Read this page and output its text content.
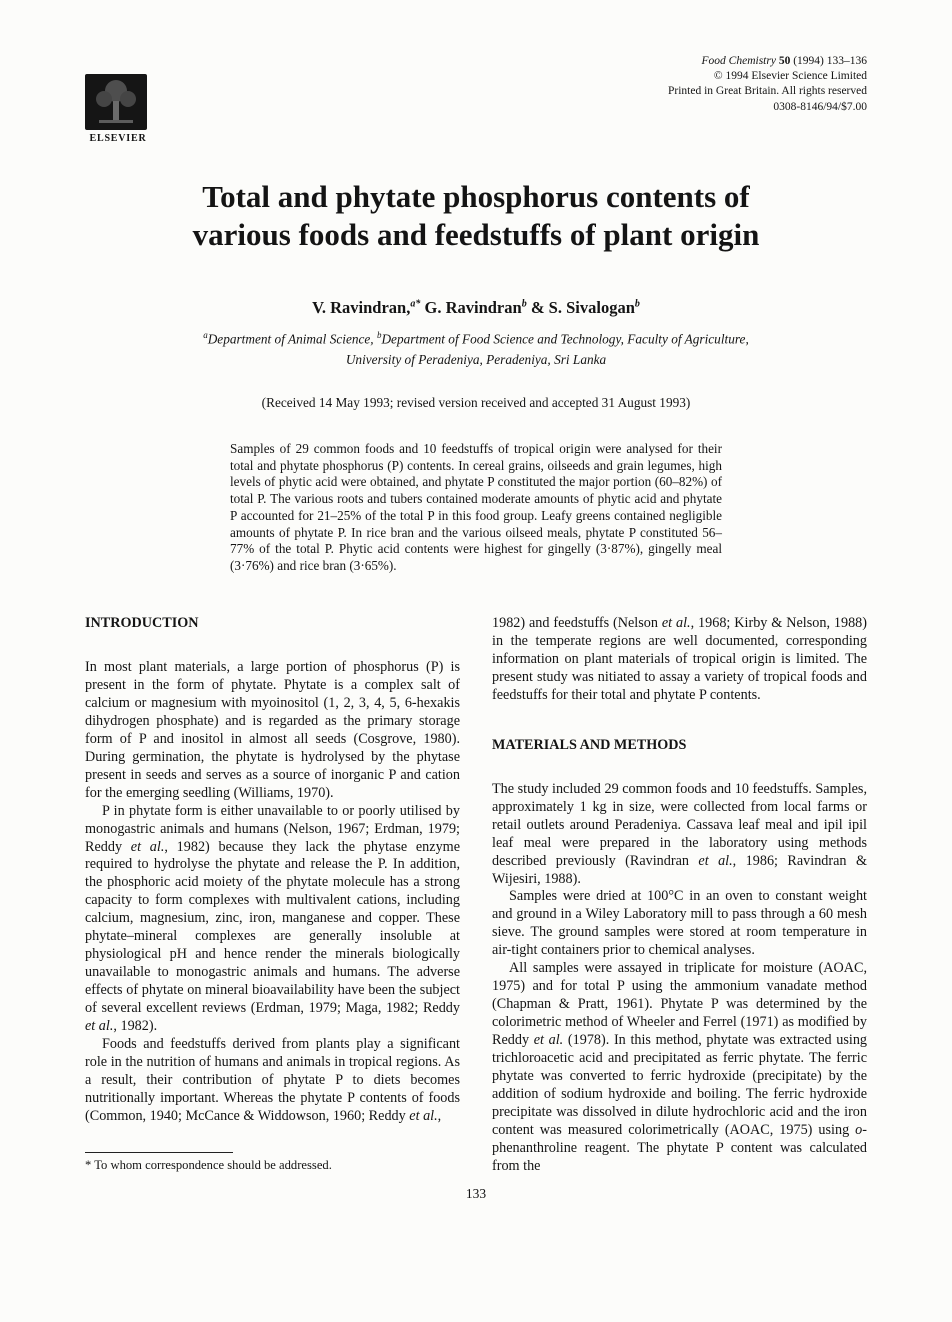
ELSEVIER
Food Chemistry 50 (1994) 133–136
© 1994 Elsevier Science Limited
Printed in Great Britain. All rights reserved
0308-8146/94/$7.00
Total and phytate phosphorus contents of
various foods and feedstuffs of plant origin
V. Ravindran,$^{a*}$ G. Ravindran$^b$ & S. Sivalogan$^b$
$^a$Department of Animal Science, $^b$Department of Food Science and Technology, Faculty of Agriculture,
University of Peradeniya, Peradeniya, Sri Lanka
(Received 14 May 1993; revised version received and accepted 31 August 1993)
Samples of 29 common foods and 10 feedstuffs of tropical origin were analysed for their total and phytate phosphorus (P) contents. In cereal grains, oilseeds and grain legumes, high levels of phytic acid were obtained, and phytate P constituted the major portion (60–82%) of total P. The various roots and tubers contained moderate amounts of phytic acid and phytate P accounted for 21–25% of the total P in this food group. Leafy greens contained negligible amounts of phytate P. In rice bran and the various oilseed meals, phytate P constituted 56–77% of the total P. Phytic acid contents were highest for gingelly (3·87%), gingelly meal (3·76%) and rice bran (3·65%).
INTRODUCTION

In most plant materials, a large portion of phosphorus (P) is present in the form of phytate. Phytate is a complex salt of calcium or magnesium with myoinositol (1, 2, 3, 4, 5, 6-hexakis dihydrogen phosphate) and is regarded as the primary storage form of P and inositol in almost all seeds (Cosgrove, 1980). During germination, the phytate is hydrolysed by the phytase present in seeds and serves as a source of inorganic P and cation for the emerging seedling (Williams, 1970).

P in phytate form is either unavailable to or poorly utilised by monogastric animals and humans (Nelson, 1967; Erdman, 1979; Reddy et al., 1982) because they lack the phytase enzyme required to hydrolyse the phytate and release the P. In addition, the phosphoric acid moiety of the phytate molecule has a strong capacity to form complexes with multivalent cations, including calcium, magnesium, zinc, iron, manganese and copper. These phytate–mineral complexes are generally insoluble at physiological pH and hence render the minerals biologically unavailable to monogastric animals and humans. The adverse effects of phytate on mineral bioavailability have been the subject of several excellent reviews (Erdman, 1979; Maga, 1982; Reddy et al., 1982).

Foods and feedstuffs derived from plants play a significant role in the nutrition of humans and animals in tropical regions. As a result, their contribution of phytate P to diets becomes nutritionally important. Whereas the phytate P contents of foods (Common, 1940; McCance & Widdowson, 1960; Reddy et al.,

* To whom correspondence should be addressed.

1982) and feedstuffs (Nelson et al., 1968; Kirby & Nelson, 1988) in the temperate regions are well documented, corresponding information on plant materials of tropical origin is limited. The present study was nitiated to assay a variety of tropical foods and feedstuffs for their total and phytate P contents.

MATERIALS AND METHODS

The study included 29 common foods and 10 feedstuffs. Samples, approximately 1 kg in size, were collected from local farms or retail outlets around Peradeniya. Cassava leaf meal and ipil ipil leaf meal were prepared in the laboratory using methods described previously (Ravindran et al., 1986; Ravindran & Wijesiri, 1988).

Samples were dried at 100°C in an oven to constant weight and ground in a Wiley Laboratory mill to pass through a 60 mesh sieve. The ground samples were stored at room temperature in air-tight containers prior to chemical analyses.

All samples were assayed in triplicate for moisture (AOAC, 1975) and for total P using the ammonium vanadate method (Chapman & Pratt, 1961). Phytate P was determined by the colorimetric method of Wheeler and Ferrel (1971) as modified by Reddy et al. (1978). In this method, phytate was extracted using trichloroacetic acid and precipitated as ferric phytate. The ferric phytate was converted to ferric hydroxide (precipitate) by the addition of sodium hydroxide and boiling. The ferric hydroxide precipitate was dissolved in dilute hydrochloric acid and the iron content was measured colorimetrically (AOAC, 1975) using o-phenanthroline reagent. The phytate P content was calculated from the

133
